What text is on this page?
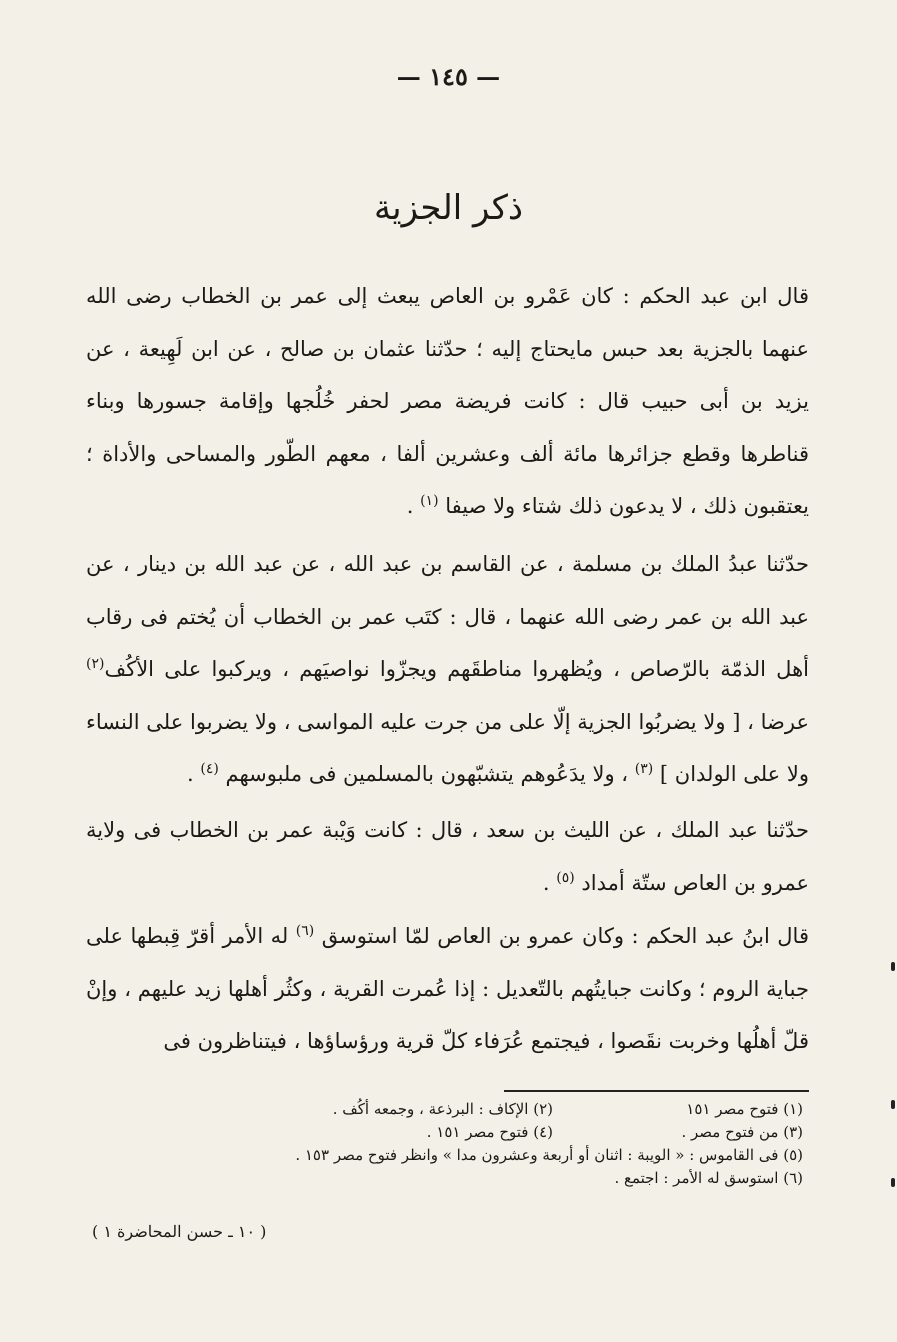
— ١٤٥ —
ذكر الجزية

قال ابن عبد الحكم : كان عَمْرو بن العاص يبعث إلى عمر بن الخطاب رضى الله عنهما بالجزية بعد حبس مايحتاج إليه ؛ حدّثنا عثمان بن صالح ، عن ابن لَهِيعة ، عن يزيد بن أبى حبيب قال : كانت فريضة مصر لحفر خُلُجها وإقامة جسورها وبناء قناطرها وقطع جزائرها مائة ألف وعشرين ألفا ، معهم الطّور والمساحى والأداة ؛ يعتقبون ذلك ، لا يدعون ذلك شتاء ولا صيفا $^{(١)}$ .

حدّثنا عبدُ الملك بن مسلمة ، عن القاسم بن عبد الله ، عن عبد الله بن دينار ، عن عبد الله بن عمر رضى الله عنهما ، قال : كتَب عمر بن الخطاب أن يُختم فى رقاب أهل الذمّة بالرّصاص ، ويُظهروا مناطقَهم ويجزّوا نواصيَهم ، ويركبوا على الأكُف$^{(٢)}$ عرضا ، [ ولا يضربُوا الجزية إلّا على من جرت عليه المواسى ، ولا يضربوا على النساء ولا على الولدان ] $^{(٣)}$ ، ولا يدَعُوهم يتشبّهون بالمسلمين فى ملبوسهم $^{(٤)}$ .

حدّثنا عبد الملك ، عن الليث بن سعد ، قال : كانت وَيْبة عمر بن الخطاب فى ولاية عمرو بن العاص ستّة أمداد $^{(٥)}$ .

قال ابنُ عبد الحكم : وكان عمرو بن العاص لمّا استوسق $^{(٦)}$ له الأمر أقرّ قِبطها على جباية الروم ؛ وكانت جبايتُهم بالتّعديل : إذا عُمرت القرية ، وكثُر أهلها زيد عليهم ، وإنْ قلّ أهلُها وخربت نقَصوا ، فيجتمع عُرَفاء كلّ قرية ورؤساؤها ، فيتناظرون فى

(١) فتوح مصر ١٥١
(٢) الإكاف : البرذعة ، وجمعه أكُف .
(٣) من فتوح مصر .
(٤) فتوح مصر ١٥١ .
(٥) فى القاموس : « الويبة : اثنان أو أربعة وعشرون مدا » وانظر فتوح مصر ١٥٣ .
(٦) استوسق له الأمر : اجتمع .
( ١٠ ـ حسن المحاضرة ١ )
